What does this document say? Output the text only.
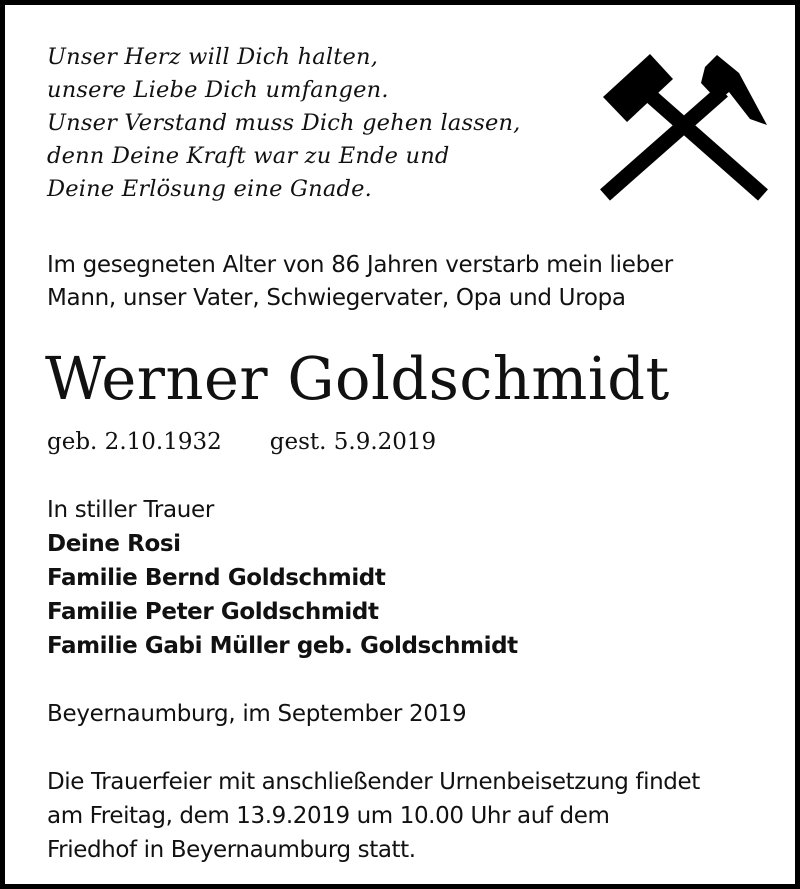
Unser Herz will Dich halten,
unsere Liebe Dich umfangen.
Unser Verstand muss Dich gehen lassen,
denn Deine Kraft war zu Ende und
Deine Erlösung eine Gnade.
Im gesegneten Alter von 86 Jahren verstarb mein lieber
Mann, unser Vater, Schwiegervater, Opa und Uropa
Werner Goldschmidt
geb. 2.10.1932 gest. 5.9.2019
In stiller Trauer
Deine Rosi
Familie Bernd Goldschmidt
Familie Peter Goldschmidt
Familie Gabi Müller geb. Goldschmidt
Beyernaumburg, im September 2019
Die Trauerfeier mit anschließender Urnenbeisetzung findet
am Freitag, dem 13.9.2019 um 10.00 Uhr auf dem
Friedhof in Beyernaumburg statt.
